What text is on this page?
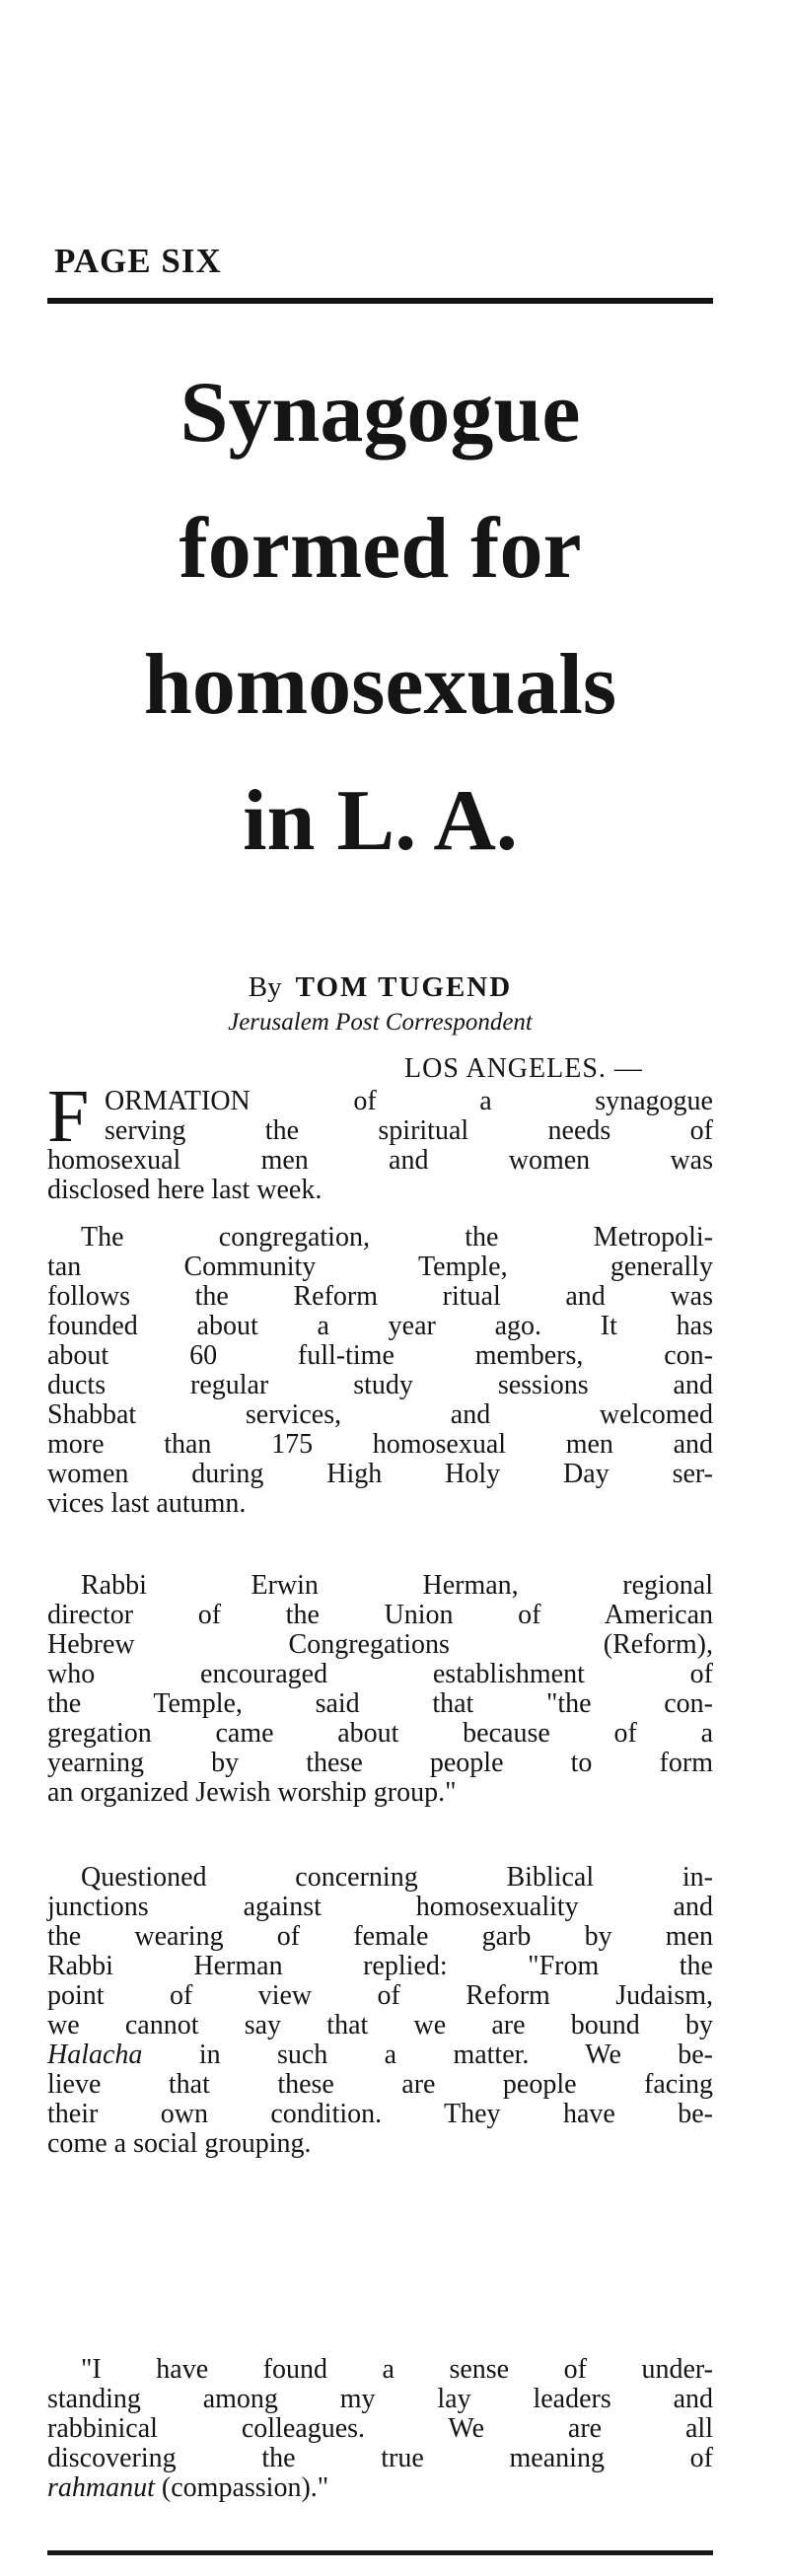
PAGE SIX
Synagogue
formed for
homosexuals
in L. A.
By TOM TUGEND
Jerusalem Post Correspondent
LOS ANGELES. —
F ORMATION of a synagogue
serving the spiritual needs of

homosexual men and women was
disclosed here last week.

The congregation, the Metropoli-
tan Community Temple, generally
follows the Reform ritual and was
founded about a year ago. It has
about 60 full-time members, con-
ducts regular study sessions and
Shabbat services, and welcomed
more than 175 homosexual men and
women during High Holy Day ser-
vices last autumn.

Rabbi Erwin Herman, regional
director of the Union of American
Hebrew Congregations (Reform),
who encouraged establishment of
the Temple, said that "the con-
gregation came about because of a
yearning by these people to form
an organized Jewish worship group."

Questioned concerning Biblical in-
junctions against homosexuality and
the wearing of female garb by men
Rabbi Herman replied: "From the
point of view of Reform Judaism,
we cannot say that we are bound by
Halacha in such a matter. We be-
lieve that these are people facing
their own condition. They have be-
come a social grouping.

"I have found a sense of under-
standing among my lay leaders and
rabbinical colleagues. We are all
discovering the true meaning of
rahmanut (compassion)."
